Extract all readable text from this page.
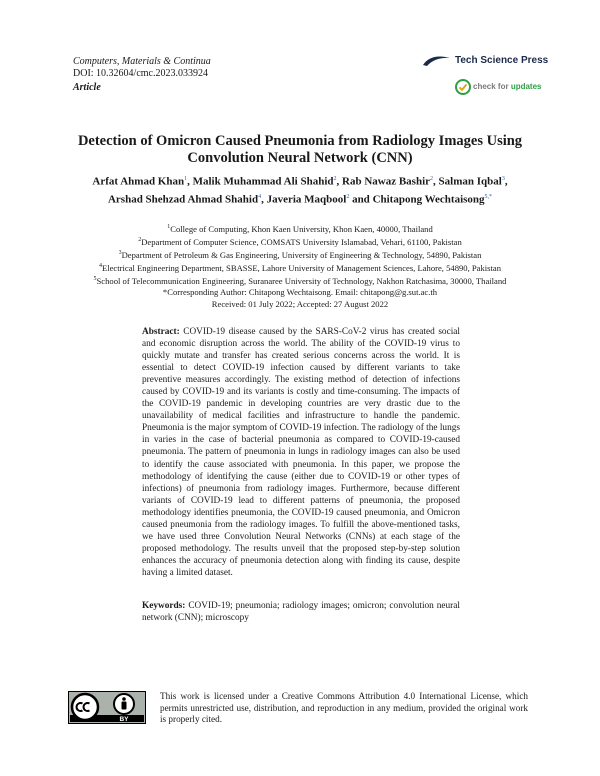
Computers, Materials & Continua
DOI: 10.32604/cmc.2023.033924
Article
Tech Science Press
check for updates
Detection of Omicron Caused Pneumonia from Radiology Images Using Convolution Neural Network (CNN)
Arfat Ahmad Khan$^1$, Malik Muhammad Ali Shahid$^2$, Rab Nawaz Bashir$^2$, Salman Iqbal$^3$,
Arshad Shehzad Ahmad Shahid$^4$, Javeria Maqbool$^2$ and Chitapong Wechtaisong$^{5,*}$
$^1$College of Computing, Khon Kaen University, Khon Kaen, 40000, Thailand
$^2$Department of Computer Science, COMSATS University Islamabad, Vehari, 61100, Pakistan
$^3$Department of Petroleum & Gas Engineering, University of Engineering & Technology, 54890, Pakistan
$^4$Electrical Engineering Department, SBASSE, Lahore University of Management Sciences, Lahore, 54890, Pakistan
$^5$School of Telecommunication Engineering, Suranaree University of Technology, Nakhon Ratchasima, 30000, Thailand
*Corresponding Author: Chitapong Wechtaisong. Email: chitapong@g.sut.ac.th
Received: 01 July 2022; Accepted: 27 August 2022
Abstract: COVID-19 disease caused by the SARS-CoV-2 virus has created social and economic disruption across the world. The ability of the COVID-19 virus to quickly mutate and transfer has created serious concerns across the world. It is essential to detect COVID-19 infection caused by different variants to take preventive measures accordingly. The existing method of detection of infections caused by COVID-19 and its variants is costly and time-consuming. The impacts of the COVID-19 pandemic in developing countries are very drastic due to the unavailability of medical facilities and infrastructure to handle the pandemic. Pneumonia is the major symptom of COVID-19 infection. The radiology of the lungs in varies in the case of bacterial pneumonia as compared to COVID-19-caused pneumonia. The pattern of pneumonia in lungs in radiology images can also be used to identify the cause associated with pneumonia. In this paper, we propose the methodology of identifying the cause (either due to COVID-19 or other types of infections) of pneumonia from radiology images. Furthermore, because different variants of COVID-19 lead to different patterns of pneumonia, the proposed methodology identifies pneumonia, the COVID-19 caused pneumonia, and Omicron caused pneumonia from the radiology images. To fulfill the above-mentioned tasks, we have used three Convolution Neural Networks (CNNs) at each stage of the proposed methodology. The results unveil that the proposed step-by-step solution enhances the accuracy of pneumonia detection along with finding its cause, despite having a limited dataset.
Keywords: COVID-19; pneumonia; radiology images; omicron; convolution neural network (CNN); microscopy
BY
This work is licensed under a Creative Commons Attribution 4.0 International License, which permits unrestricted use, distribution, and reproduction in any medium, provided the original work is properly cited.
